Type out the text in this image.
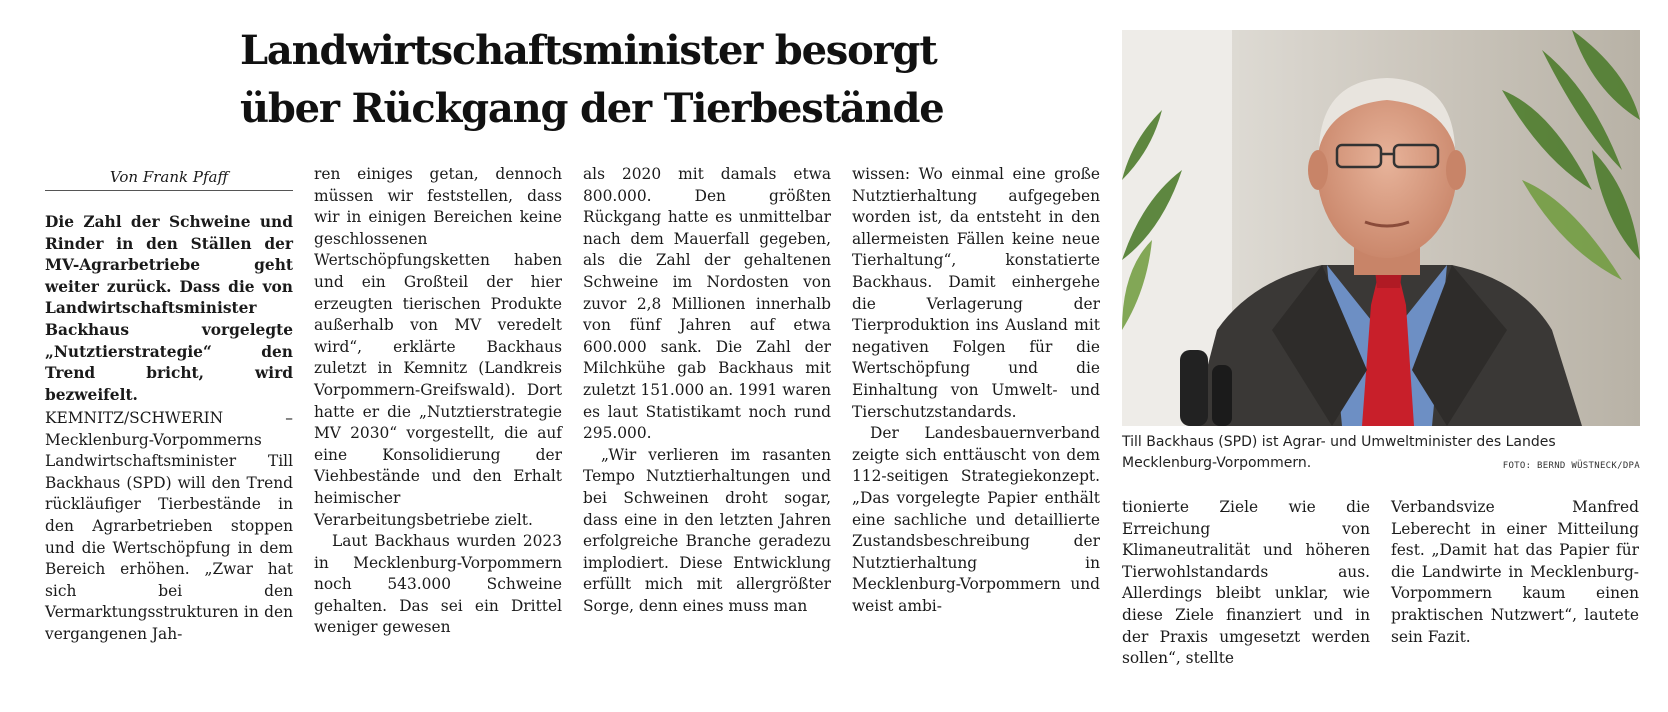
Landwirtschaftsminister besorgt
über Rückgang der Tierbestände
Von Frank Pfaff
Die Zahl der Schweine und Rinder in den Ställen der MV-Agrarbetriebe geht weiter zurück. Dass die von Landwirtschaftsminister Backhaus vorgelegte „Nutztierstrategie“ den Trend bricht, wird bezweifelt.
KEMNITZ/SCHWERIN – Mecklenburg-Vorpommerns Landwirtschaftsminister Till Backhaus (SPD) will den Trend rückläufiger Tierbestände in den Agrarbetrieben stoppen und die Wertschöpfung in dem Bereich erhöhen. „Zwar hat sich bei den Vermarktungsstrukturen in den vergangenen Jah-

ren einiges getan, dennoch müssen wir feststellen, dass wir in einigen Bereichen keine geschlossenen Wertschöpfungsketten haben und ein Großteil der hier erzeugten tierischen Produkte außerhalb von MV veredelt wird“, erklärte Backhaus zuletzt in Kemnitz (Landkreis Vorpommern-Greifswald). Dort hatte er die „Nutztierstrategie MV 2030“ vorgestellt, die auf eine Konsolidierung der Viehbestände und den Erhalt heimischer Verarbeitungsbetriebe zielt.

Laut Backhaus wurden 2023 in Mecklenburg-Vorpommern noch 543.000 Schweine gehalten. Das sei ein Drittel weniger gewesen

als 2020 mit damals etwa 800.000. Den größten Rückgang hatte es unmittelbar nach dem Mauerfall gegeben, als die Zahl der gehaltenen Schweine im Nordosten von zuvor 2,8 Millionen innerhalb von fünf Jahren auf etwa 600.000 sank. Die Zahl der Milchkühe gab Backhaus mit zuletzt 151.000 an. 1991 waren es laut Statistikamt noch rund 295.000.

„Wir verlieren im rasanten Tempo Nutztierhaltungen und bei Schweinen droht sogar, dass eine in den letzten Jahren erfolgreiche Branche geradezu implodiert. Diese Entwicklung erfüllt mich mit allergrößter Sorge, denn eines muss man

wissen: Wo einmal eine große Nutztierhaltung aufgegeben worden ist, da entsteht in den allermeisten Fällen keine neue Tierhaltung“, konstatierte Backhaus. Damit einhergehe die Verlagerung der Tierproduktion ins Ausland mit negativen Folgen für die Wertschöpfung und die Einhaltung von Umwelt- und Tierschutzstandards.

Der Landesbauernverband zeigte sich enttäuscht von dem 112-seitigen Strategiekonzept. „Das vorgelegte Papier enthält eine sachliche und detaillierte Zustandsbeschreibung der Nutztierhaltung in Mecklenburg-Vorpommern und weist ambi-

tionierte Ziele wie die Erreichung von Klimaneutralität und höheren Tierwohlstandards aus. Allerdings bleibt unklar, wie diese Ziele finanziert und in der Praxis umgesetzt werden sollen“, stellte

Verbandsvize Manfred Leberecht in einer Mitteilung fest. „Damit hat das Papier für die Landwirte in Mecklenburg-Vorpommern kaum einen praktischen Nutzwert“, lautete sein Fazit.

Till Backhaus (SPD) ist Agrar- und Umweltminister des Landes Mecklenburg-Vorpommern.	FOTO: BERND WÜSTNECK/DPA
